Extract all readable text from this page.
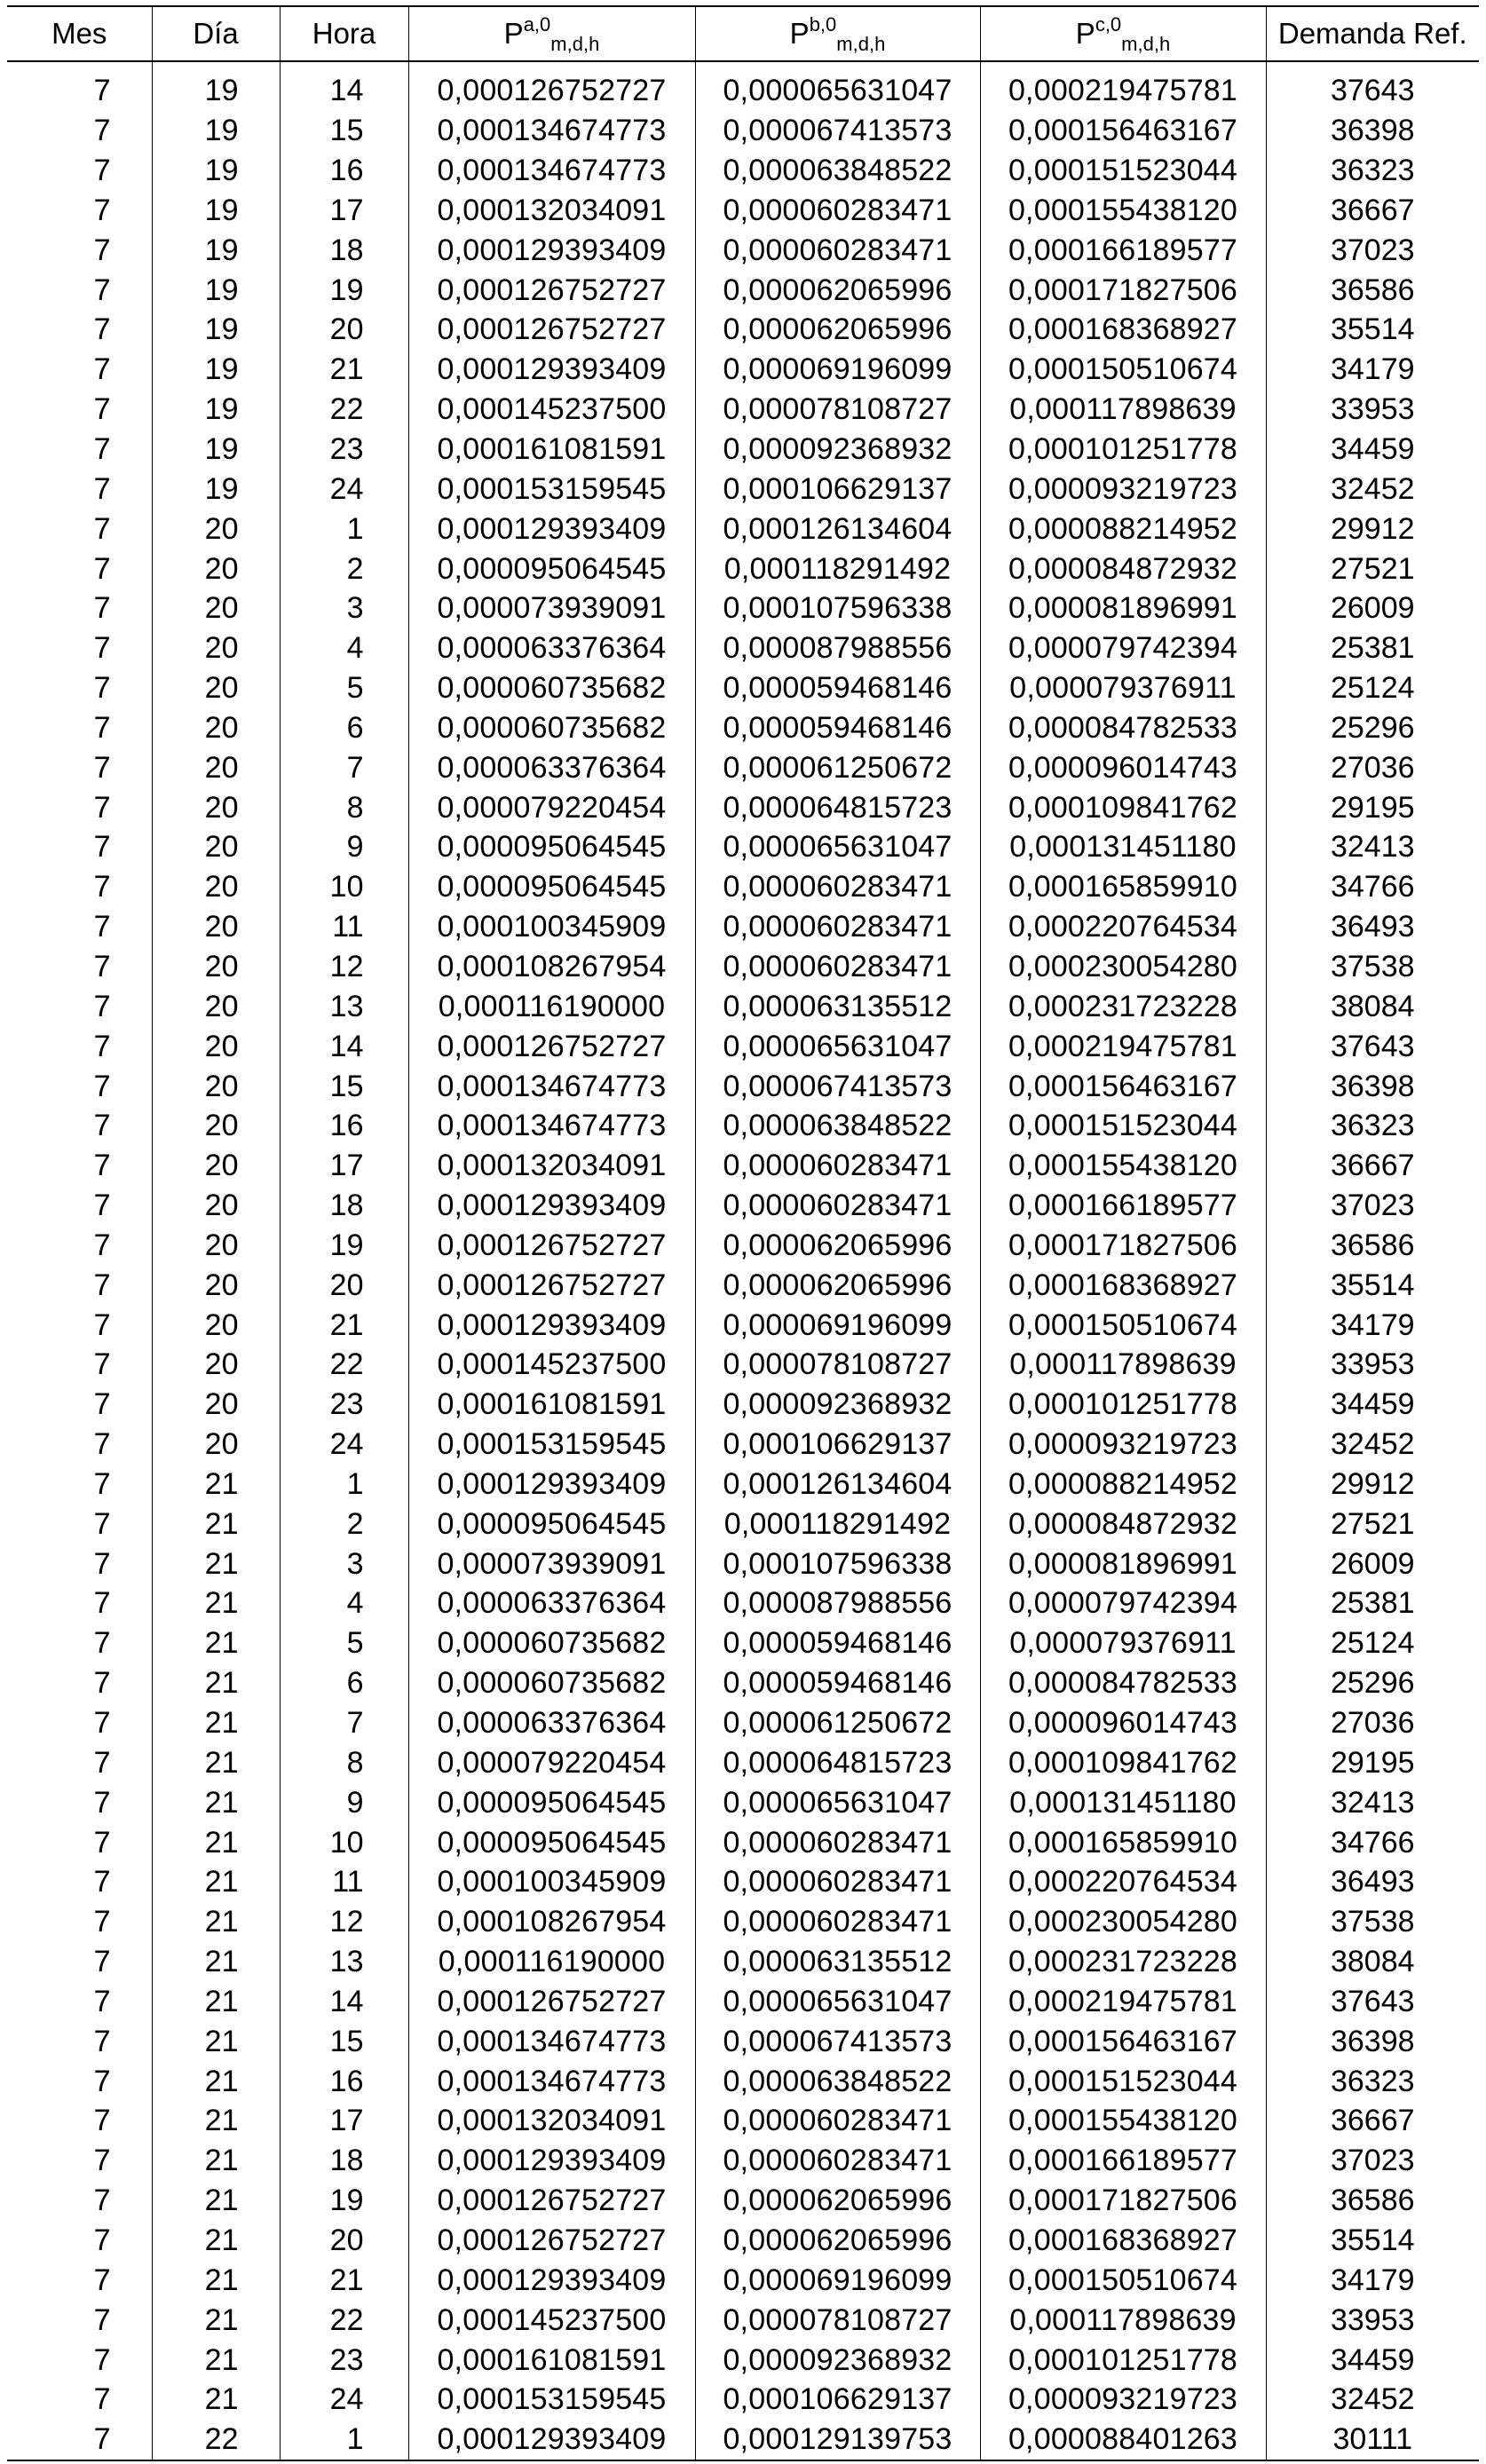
Mes	Día	Hora	P$^{a,0}_{m,d,h}$	P$^{b,0}_{m,d,h}$	P$^{c,0}_{m,d,h}$	Demanda Ref.
7	19	14	0,000126752727	0,000065631047	0,000219475781	37643
7	19	15	0,000134674773	0,000067413573	0,000156463167	36398
7	19	16	0,000134674773	0,000063848522	0,000151523044	36323
7	19	17	0,000132034091	0,000060283471	0,000155438120	36667
7	19	18	0,000129393409	0,000060283471	0,000166189577	37023
7	19	19	0,000126752727	0,000062065996	0,000171827506	36586
7	19	20	0,000126752727	0,000062065996	0,000168368927	35514
7	19	21	0,000129393409	0,000069196099	0,000150510674	34179
7	19	22	0,000145237500	0,000078108727	0,000117898639	33953
7	19	23	0,000161081591	0,000092368932	0,000101251778	34459
7	19	24	0,000153159545	0,000106629137	0,000093219723	32452
7	20	1	0,000129393409	0,000126134604	0,000088214952	29912
7	20	2	0,000095064545	0,000118291492	0,000084872932	27521
7	20	3	0,000073939091	0,000107596338	0,000081896991	26009
7	20	4	0,000063376364	0,000087988556	0,000079742394	25381
7	20	5	0,000060735682	0,000059468146	0,000079376911	25124
7	20	6	0,000060735682	0,000059468146	0,000084782533	25296
7	20	7	0,000063376364	0,000061250672	0,000096014743	27036
7	20	8	0,000079220454	0,000064815723	0,000109841762	29195
7	20	9	0,000095064545	0,000065631047	0,000131451180	32413
7	20	10	0,000095064545	0,000060283471	0,000165859910	34766
7	20	11	0,000100345909	0,000060283471	0,000220764534	36493
7	20	12	0,000108267954	0,000060283471	0,000230054280	37538
7	20	13	0,000116190000	0,000063135512	0,000231723228	38084
7	20	14	0,000126752727	0,000065631047	0,000219475781	37643
7	20	15	0,000134674773	0,000067413573	0,000156463167	36398
7	20	16	0,000134674773	0,000063848522	0,000151523044	36323
7	20	17	0,000132034091	0,000060283471	0,000155438120	36667
7	20	18	0,000129393409	0,000060283471	0,000166189577	37023
7	20	19	0,000126752727	0,000062065996	0,000171827506	36586
7	20	20	0,000126752727	0,000062065996	0,000168368927	35514
7	20	21	0,000129393409	0,000069196099	0,000150510674	34179
7	20	22	0,000145237500	0,000078108727	0,000117898639	33953
7	20	23	0,000161081591	0,000092368932	0,000101251778	34459
7	20	24	0,000153159545	0,000106629137	0,000093219723	32452
7	21	1	0,000129393409	0,000126134604	0,000088214952	29912
7	21	2	0,000095064545	0,000118291492	0,000084872932	27521
7	21	3	0,000073939091	0,000107596338	0,000081896991	26009
7	21	4	0,000063376364	0,000087988556	0,000079742394	25381
7	21	5	0,000060735682	0,000059468146	0,000079376911	25124
7	21	6	0,000060735682	0,000059468146	0,000084782533	25296
7	21	7	0,000063376364	0,000061250672	0,000096014743	27036
7	21	8	0,000079220454	0,000064815723	0,000109841762	29195
7	21	9	0,000095064545	0,000065631047	0,000131451180	32413
7	21	10	0,000095064545	0,000060283471	0,000165859910	34766
7	21	11	0,000100345909	0,000060283471	0,000220764534	36493
7	21	12	0,000108267954	0,000060283471	0,000230054280	37538
7	21	13	0,000116190000	0,000063135512	0,000231723228	38084
7	21	14	0,000126752727	0,000065631047	0,000219475781	37643
7	21	15	0,000134674773	0,000067413573	0,000156463167	36398
7	21	16	0,000134674773	0,000063848522	0,000151523044	36323
7	21	17	0,000132034091	0,000060283471	0,000155438120	36667
7	21	18	0,000129393409	0,000060283471	0,000166189577	37023
7	21	19	0,000126752727	0,000062065996	0,000171827506	36586
7	21	20	0,000126752727	0,000062065996	0,000168368927	35514
7	21	21	0,000129393409	0,000069196099	0,000150510674	34179
7	21	22	0,000145237500	0,000078108727	0,000117898639	33953
7	21	23	0,000161081591	0,000092368932	0,000101251778	34459
7	21	24	0,000153159545	0,000106629137	0,000093219723	32452
7	22	1	0,000129393409	0,000129139753	0,000088401263	30111
